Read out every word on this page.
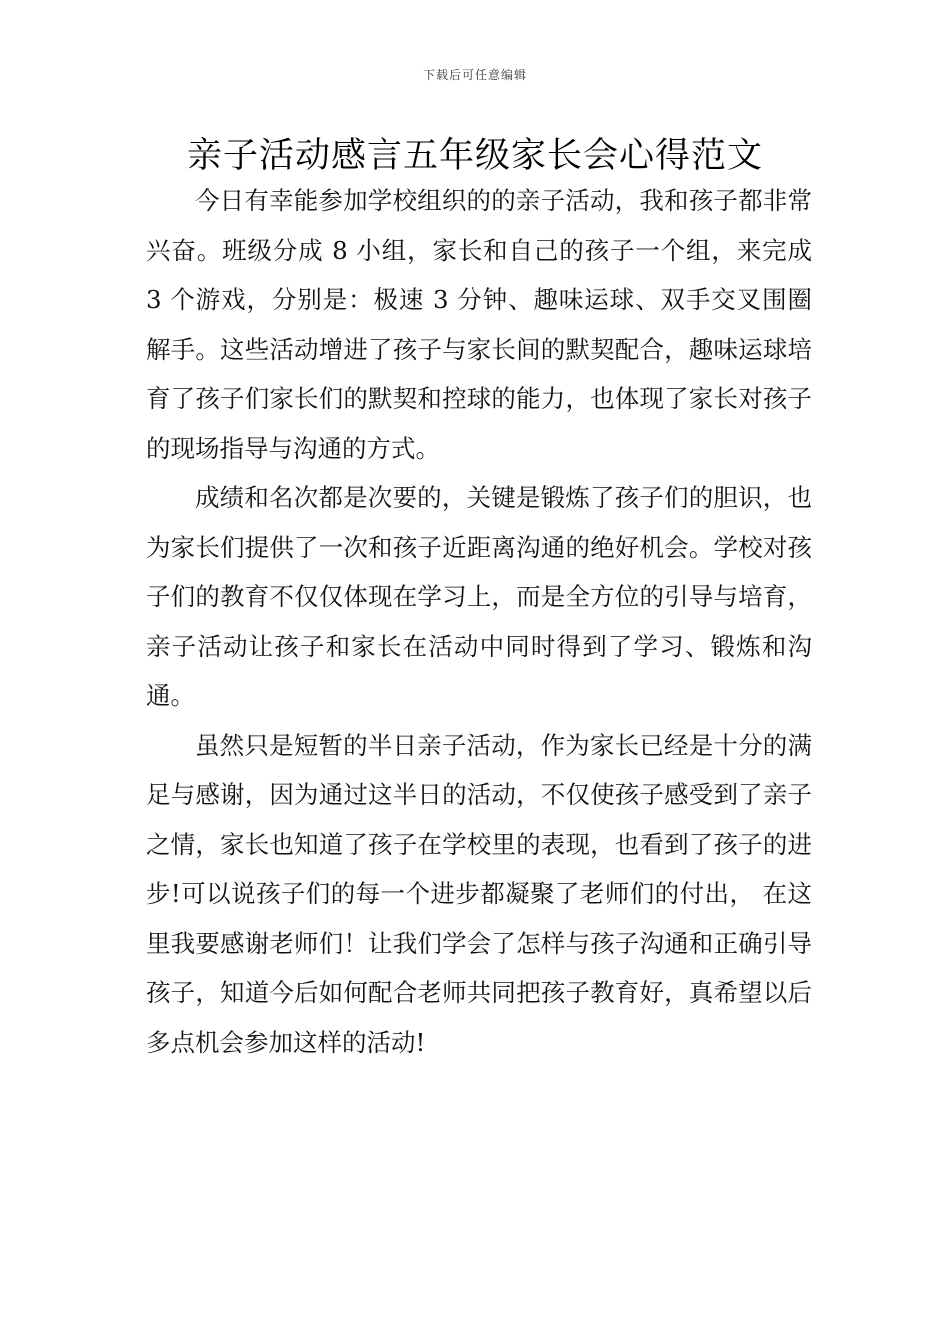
下载后可任意编辑
亲子活动感言五年级家长会心得范文

今日有幸能参加学校组织的的亲子活动，我和孩子都非常兴奋。班级分成 8 小组，家长和自己的孩子一个组，来完成 3 个游戏，分别是：极速 3 分钟、趣味运球、双手交叉围圈解手。这些活动增进了孩子与家长间的默契配合，趣味运球培育了孩子们家长们的默契和控球的能力，也体现了家长对孩子的现场指导与沟通的方式。

成绩和名次都是次要的，关键是锻炼了孩子们的胆识，也为家长们提供了一次和孩子近距离沟通的绝好机会。学校对孩子们的教育不仅仅体现在学习上，而是全方位的引导与培育，亲子活动让孩子和家长在活动中同时得到了学习、锻炼和沟通。

虽然只是短暂的半日亲子活动，作为家长已经是十分的满足与感谢，因为通过这半日的活动，不仅使孩子感受到了亲子之情，家长也知道了孩子在学校里的表现，也看到了孩子的进步!可以说孩子们的每一个进步都凝聚了老师们的付出， 在这里我要感谢老师们！让我们学会了怎样与孩子沟通和正确引导孩子，知道今后如何配合老师共同把孩子教育好，真希望以后多点机会参加这样的活动!
